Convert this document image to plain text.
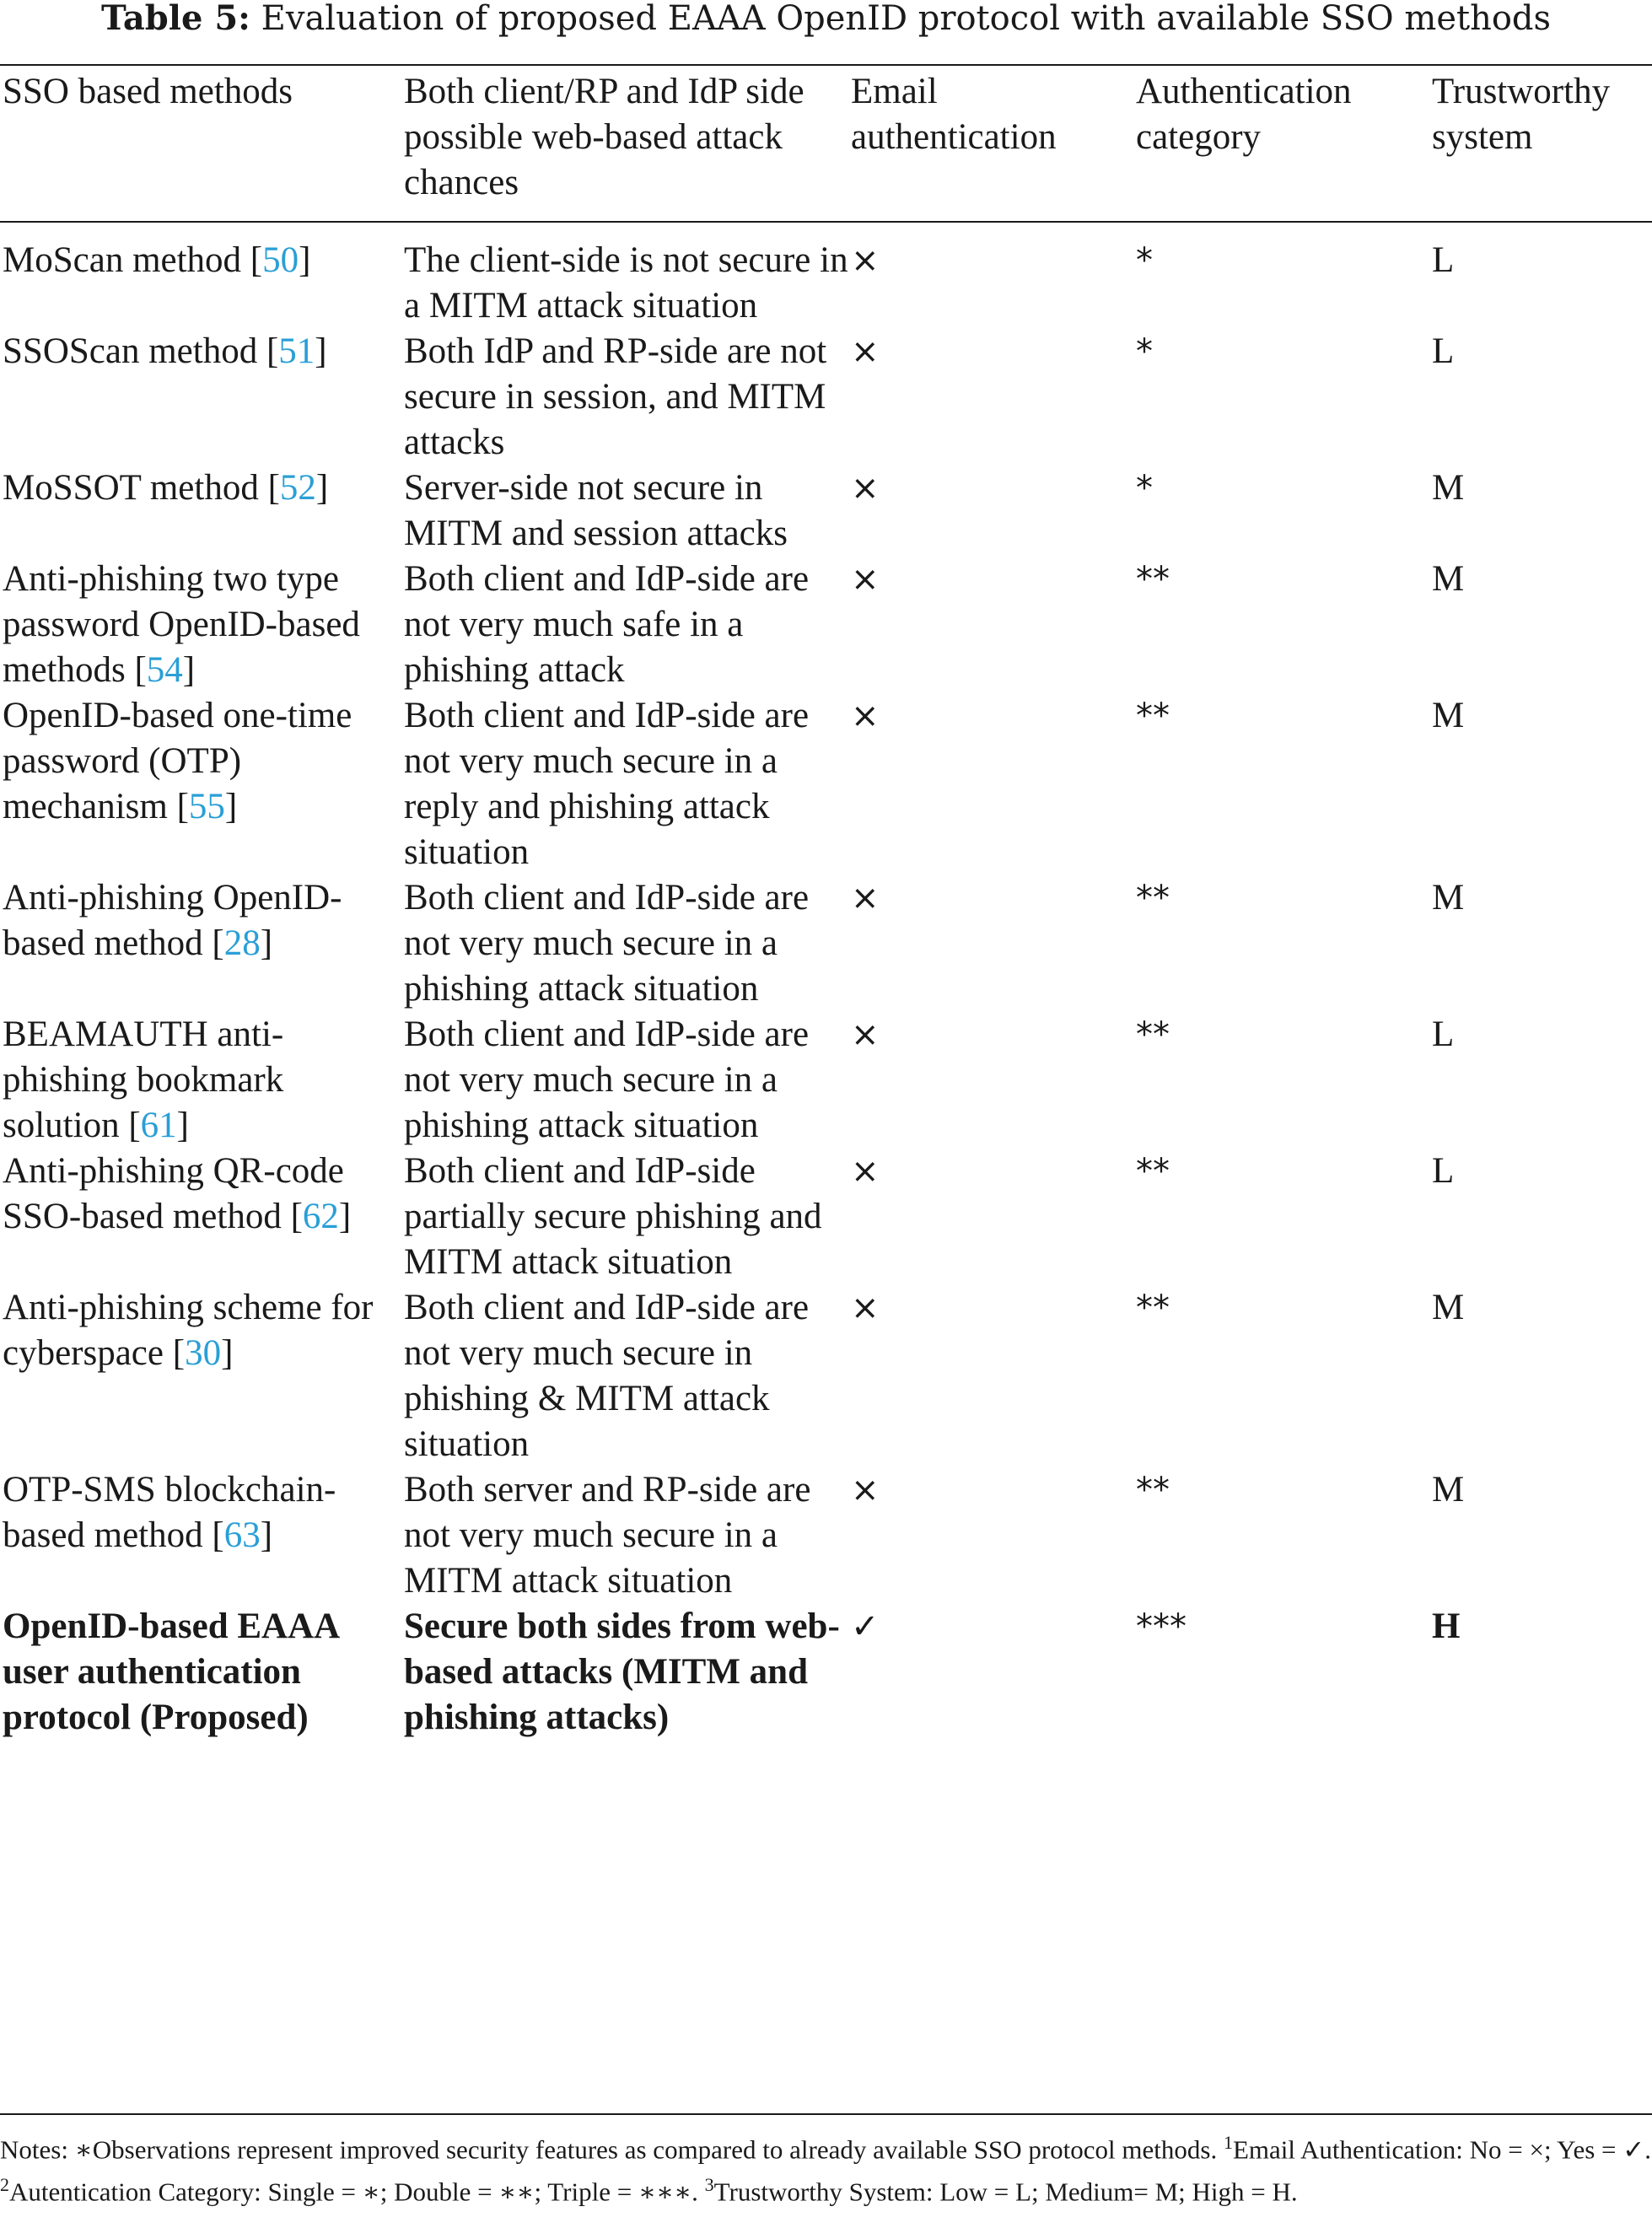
Table 5: Evaluation of proposed EAAA OpenID protocol with available SSO methods
SSO based methods	Both client/RP and IdP side possible web-based attack chances	Email authentication	Authentication category	Trustworthy system
MoScan method [50]	The client-side is not secure in a MITM attack situation	×	*	L
SSOScan method [51]	Both IdP and RP-side are not secure in session, and MITM attacks	×	*	L
MoSSOT method [52]	Server-side not secure in MITM and session attacks	×	*	M
Anti-phishing two type password OpenID-based methods [54]	Both client and IdP-side are not very much safe in a phishing attack	×	**	M
OpenID-based one-time password (OTP) mechanism [55]	Both client and IdP-side are not very much secure in a reply and phishing attack situation	×	**	M
Anti-phishing OpenID-based method [28]	Both client and IdP-side are not very much secure in a phishing attack situation	×	**	M
BEAMAUTH anti-phishing bookmark solution [61]	Both client and IdP-side are not very much secure in a phishing attack situation	×	**	L
Anti-phishing QR-code SSO-based method [62]	Both client and IdP-side partially secure phishing and MITM attack situation	×	**	L
Anti-phishing scheme for cyberspace [30]	Both client and IdP-side are not very much secure in phishing & MITM attack situation	×	**	M
OTP-SMS blockchain-based method [63]	Both server and RP-side are not very much secure in a MITM attack situation	×	**	M
OpenID-based EAAA user authentication protocol (Proposed)	Secure both sides from web-based attacks (MITM and phishing attacks)	✓	***	H
Notes: ∗Observations represent improved security features as compared to already available SSO protocol methods. $^1$Email Authentication: No = ×; Yes = ✓. $^2$Autentication Category: Single = ∗; Double = ∗∗; Triple = ∗∗∗. $^3$Trustworthy System: Low = L; Medium= M; High = H.
